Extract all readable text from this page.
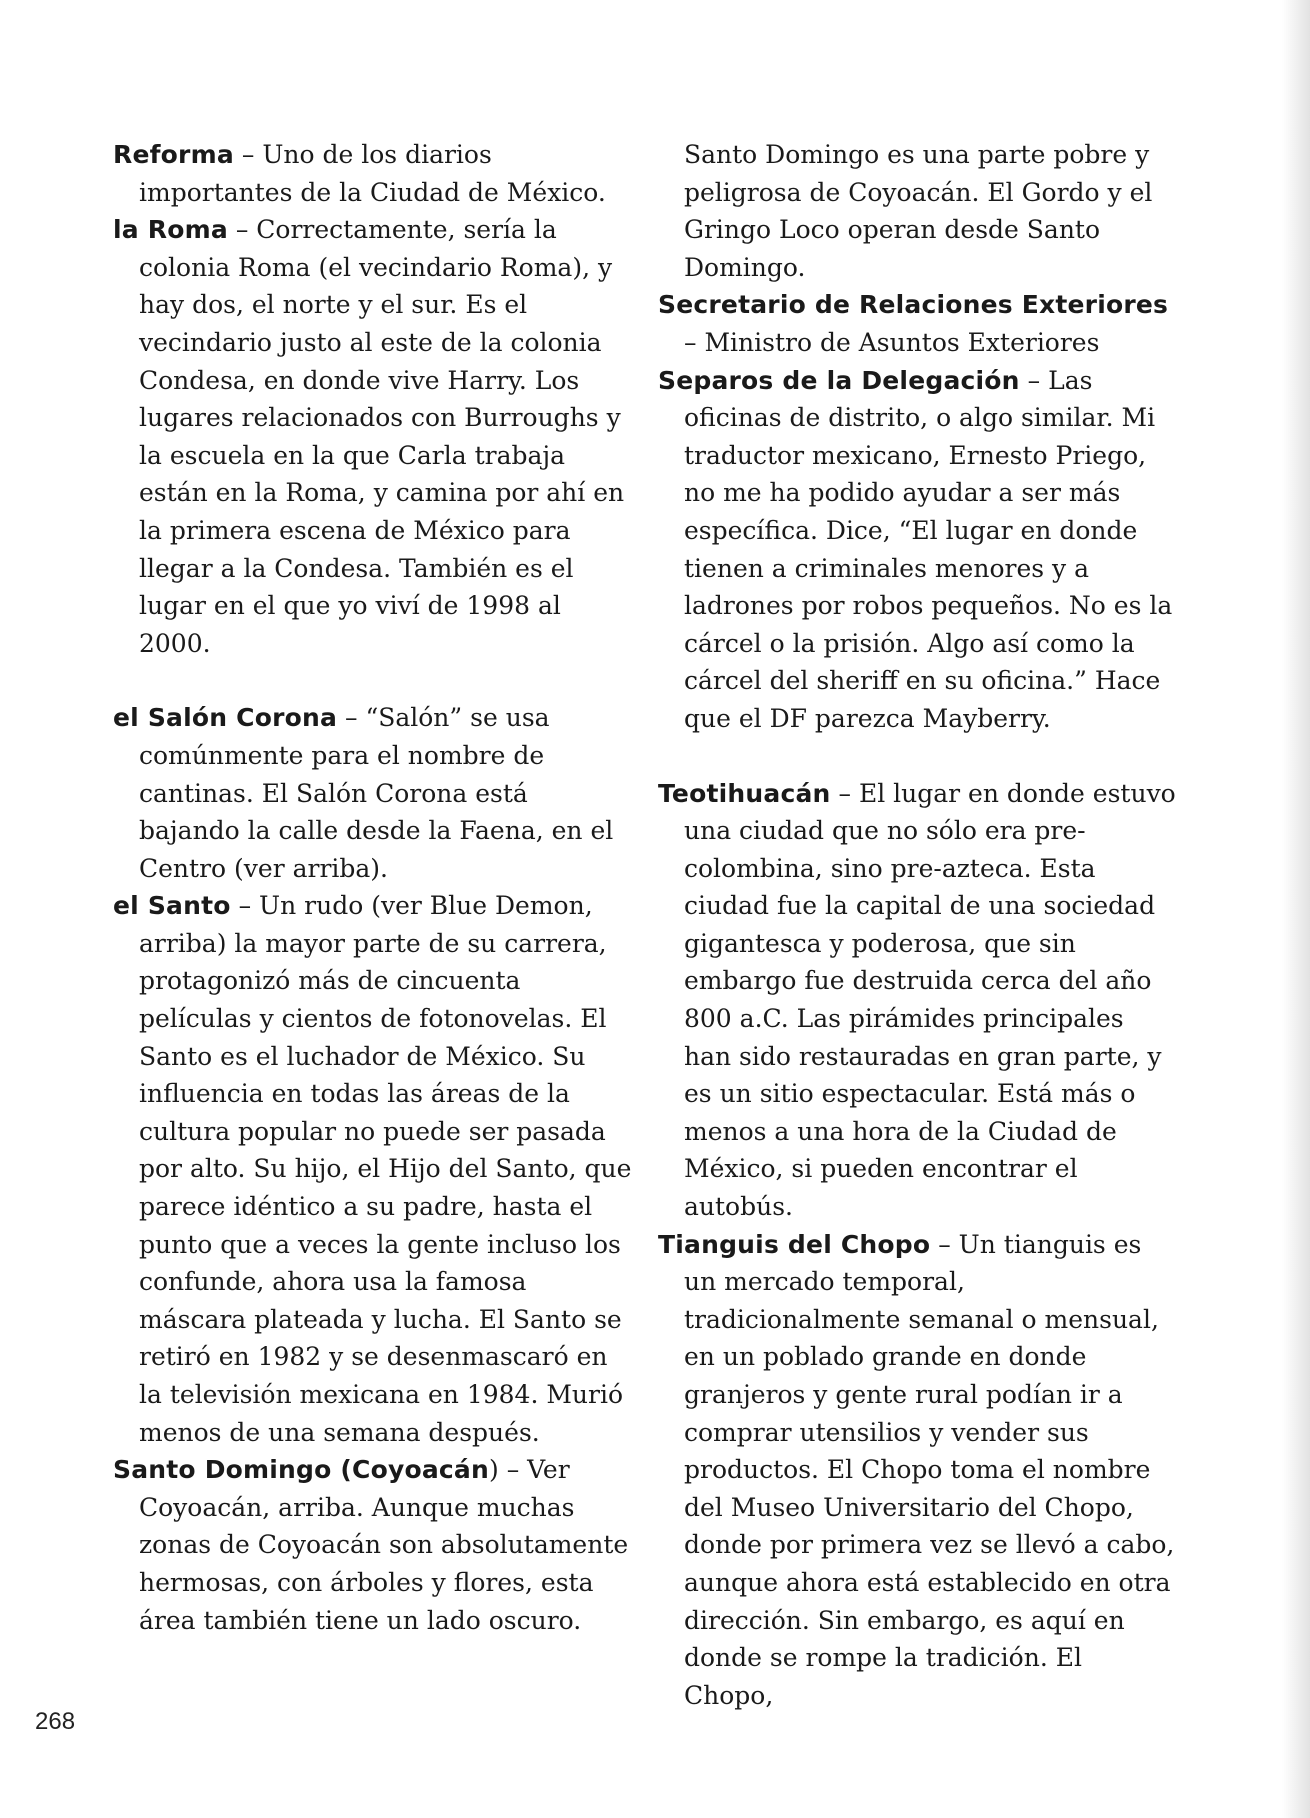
Reforma – Uno de los diarios importantes de la Ciudad de México.

la Roma – Correctamente, sería la colonia Roma (el vecindario Roma), y hay dos, el norte y el sur. Es el vecindario justo al este de la colonia Condesa, en donde vive Harry. Los lugares relacionados con Burroughs y la escuela en la que Carla trabaja están en la Roma, y camina por ahí en la primera escena de México para llegar a la Condesa. También es el lugar en el que yo viví de 1998 al 2000.

el Salón Corona – “Salón” se usa comúnmente para el nombre de cantinas. El Salón Corona está bajando la calle desde la Faena, en el Centro (ver arriba).

el Santo – Un rudo (ver Blue Demon, arriba) la mayor parte de su carrera, protagonizó más de cincuenta películas y cientos de fotonovelas. El Santo es el luchador de México. Su influencia en todas las áreas de la cultura popular no puede ser pasada por alto. Su hijo, el Hijo del Santo, que parece idéntico a su padre, hasta el punto que a veces la gente incluso los confunde, ahora usa la famosa máscara plateada y lucha. El Santo se retiró en 1982 y se desenmascaró en la televisión mexicana en 1984. Murió menos de una semana después.

Santo Domingo (Coyoacán) – Ver Coyoacán, arriba. Aunque muchas zonas de Coyoacán son absolutamente hermosas, con árboles y flores, esta área también tiene un lado oscuro.

Santo Domingo es una parte pobre y peligrosa de Coyoacán. El Gordo y el Gringo Loco operan desde Santo Domingo.

Secretario de Relaciones Exteriores – Ministro de Asuntos Exteriores

Separos de la Delegación – Las oficinas de distrito, o algo similar. Mi traductor mexicano, Ernesto Priego, no me ha podido ayudar a ser más específica. Dice, “El lugar en donde tienen a criminales menores y a ladrones por robos pequeños. No es la cárcel o la prisión. Algo así como la cárcel del sheriff en su oficina.” Hace que el DF parezca Mayberry.

Teotihuacán – El lugar en donde estuvo una ciudad que no sólo era pre-colombina, sino pre-azteca. Esta ciudad fue la capital de una sociedad gigantesca y poderosa, que sin embargo fue destruida cerca del año 800 a.C. Las pirámides principales han sido restauradas en gran parte, y es un sitio espectacular. Está más o menos a una hora de la Ciudad de México, si pueden encontrar el autobús.

Tianguis del Chopo – Un tianguis es un mercado temporal, tradicionalmente semanal o mensual, en un poblado grande en donde granjeros y gente rural podían ir a comprar utensilios y vender sus productos. El Chopo toma el nombre del Museo Universitario del Chopo, donde por primera vez se llevó a cabo, aunque ahora está establecido en otra dirección. Sin embargo, es aquí en donde se rompe la tradición. El Chopo,

268
